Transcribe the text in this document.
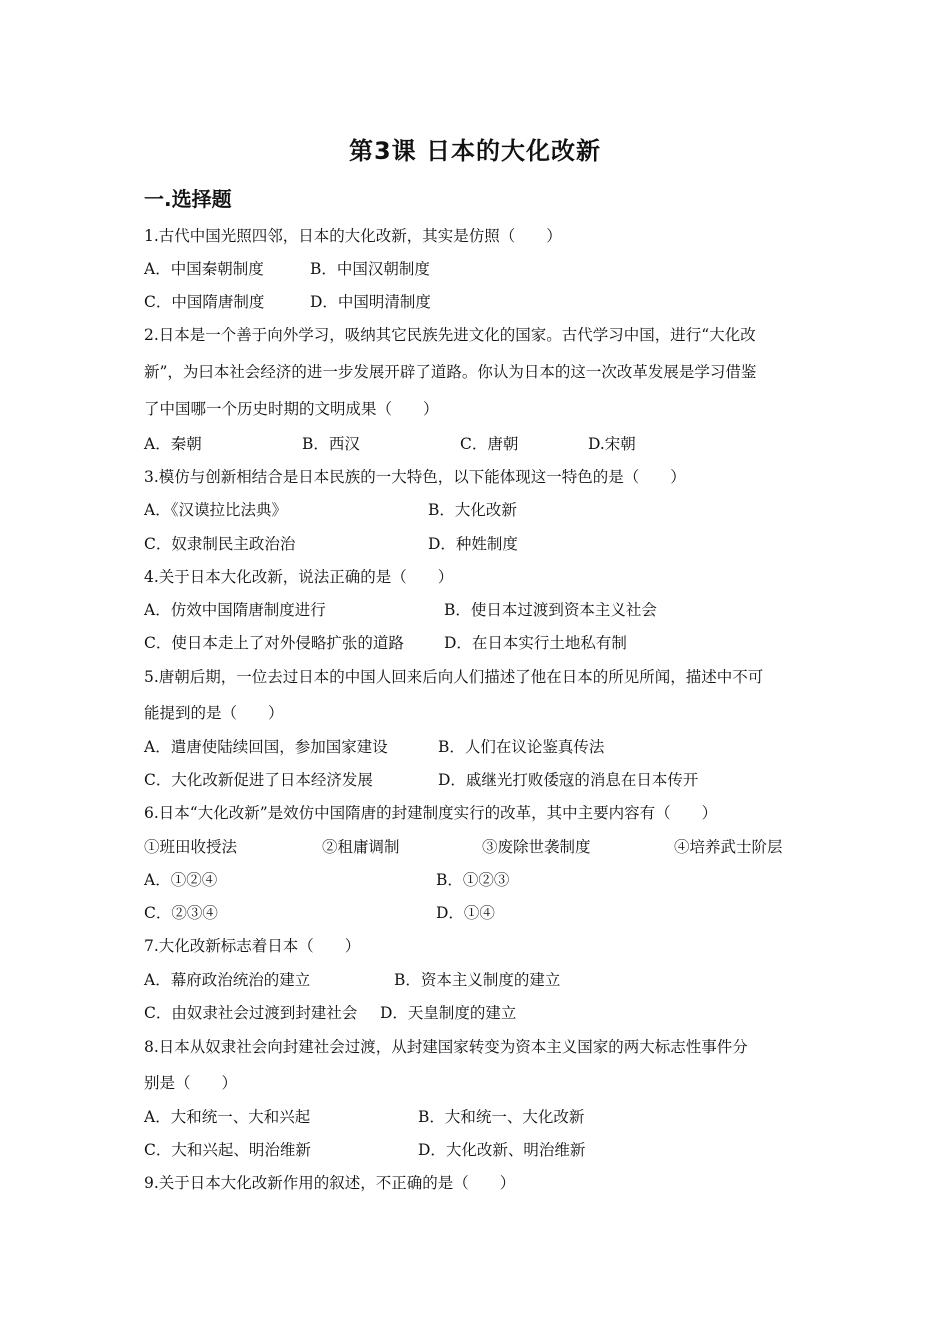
第3课 日本的大化改新
一.选择题
1.古代中国光照四邻，日本的大化改新，其实是仿照（　　）
A．中国秦朝制度	B．中国汉朝制度
C．中国隋唐制度	D．中国明清制度
2.日本是一个善于向外学习，吸纳其它民族先进文化的国家。古代学习中国，进行“大化改
新”，为曰本社会经济的进一步发展开辟了道路。你认为日本的这一次改革发展是学习借鉴
了中国哪一个历史时期的文明成果（　　）
A．秦朝	B．西汉	C．唐朝	D.宋朝
3.模仿与创新相结合是日本民族的一大特色，以下能体现这一特色的是（　　）
A．《汉谟拉比法典》	B．大化改新
C．奴隶制民主政治治	D．种姓制度
4.关于日本大化改新，说法正确的是（　　）
A．仿效中国隋唐制度进行	B．使日本过渡到资本主义社会
C．使日本走上了对外侵略扩张的道路	D．在日本实行土地私有制
5.唐朝后期，一位去过日本的中国人回来后向人们描述了他在日本的所见所闻，描述中不可
能提到的是（　　）
A．遣唐使陆续回国，参加国家建设	B．人们在议论鉴真传法
C．大化改新促进了日本经济发展	D．戚继光打败倭寇的消息在日本传开
6.日本“大化改新”是效仿中国隋唐的封建制度实行的改革，其中主要内容有（　　）
①班田收授法	②租庸调制	③废除世袭制度	④培养武士阶层
A．①②④	B．①②③
C．②③④	D．①④
7.大化改新标志着日本（　　）
A．幕府政治统治的建立	B．资本主义制度的建立
C．由奴隶社会过渡到封建社会 D．天皇制度的建立
8.日本从奴隶社会向封建社会过渡，从封建国家转变为资本主义国家的两大标志性事件分
别是（　　）
A．大和统一、大和兴起	B．大和统一、大化改新
C．大和兴起、明治维新	D．大化改新、明治维新
9.关于日本大化改新作用的叙述，不正确的是（　　）
